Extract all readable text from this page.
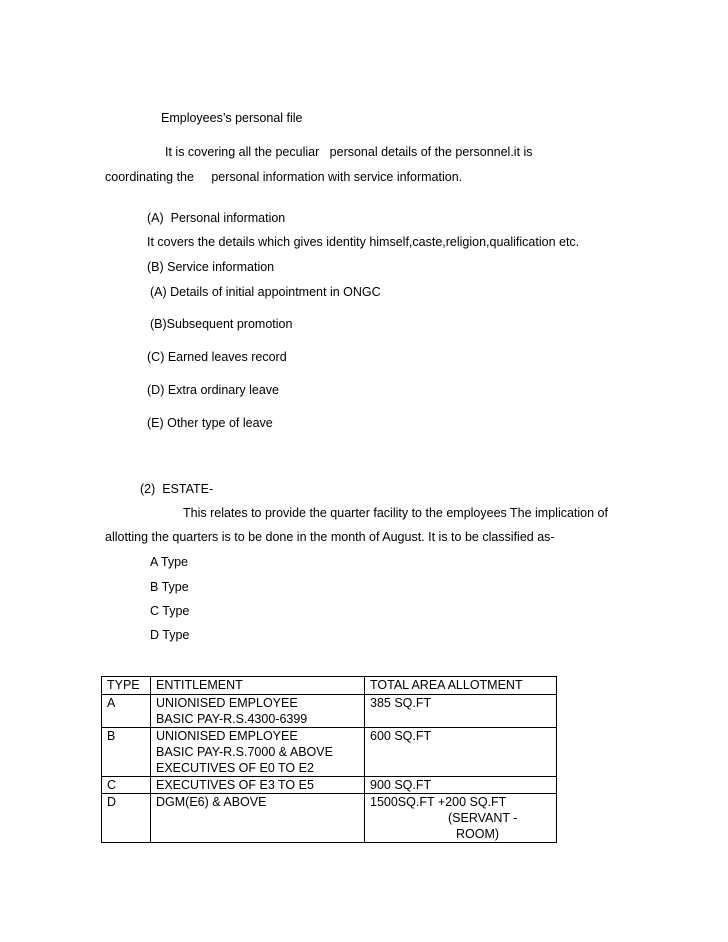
Employees’s personal file
It is covering all the peculiar   personal details of the personnel.it is
coordinating the     personal information with service information.
(A)  Personal information
It covers the details which gives identity himself,caste,religion,qualification etc.
(B) Service information
(A) Details of initial appointment in ONGC
(B)Subsequent promotion
(C) Earned leaves record
(D) Extra ordinary leave
(E) Other type of leave
(2)  ESTATE-
This relates to provide the quarter facility to the employees The implication of
allotting the quarters is to be done in the month of August. It is to be classified as-
A Type
B Type
C Type
D Type
TYPE	ENTITLEMENT	TOTAL AREA ALLOTMENT
A	UNIONISED EMPLOYEE
BASIC PAY-R.S.4300-6399	385 SQ.FT

B	UNIONISED EMPLOYEE
BASIC PAY-R.S.7000 & ABOVE
EXECUTIVES OF E0 TO E2	600 SQ.FT

C	EXECUTIVES OF E3 TO E5	900 SQ.FT

D	DGM(E6) & ABOVE	1500SQ.FT +200 SQ.FT
(SERVANT -
ROOM)
